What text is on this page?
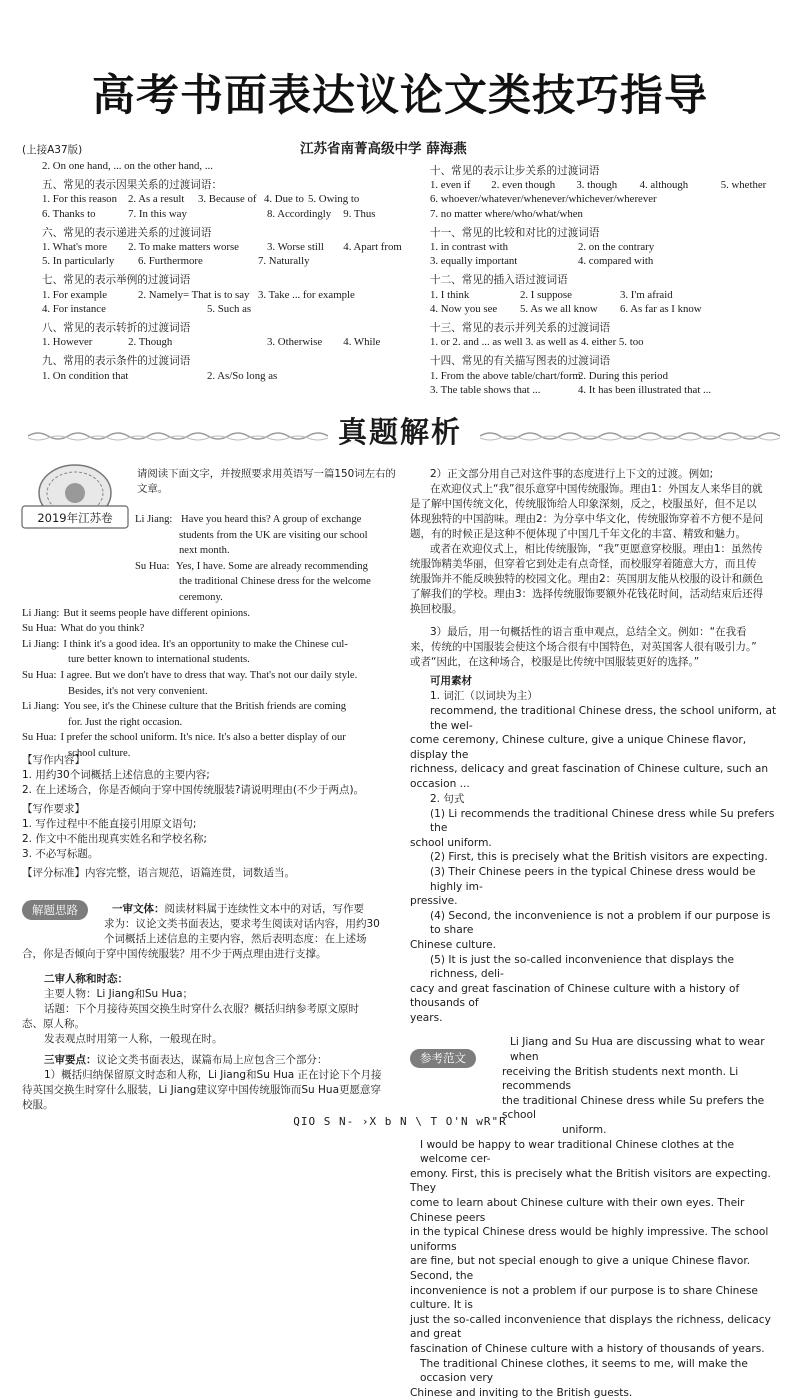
高考书面表达议论文类技巧指导
(上接A37版)	江苏省南菁高级中学 薛海燕
2. On one hand, ... on the other hand, ...
五、常见的表示因果关系的过渡词语：
1. For this reason	2. As a result	3. Because of 4. Due to 5. Owing to
6. Thanks to	7. In this way	8. Accordingly	9. Thus
六、常见的表示递进关系的过渡词语
1. What's more	2. To make matters worse	3. Worse still	4. Apart from
5. In particularly	6. Furthermore	7. Naturally
七、常见的表示举例的过渡词语
1. For example	2. Namely= That is to say 3. Take ... for example
4. For instance	5. Such as
八、常见的表示转折的过渡词语
1. However	2. Though	3. Otherwise	4. While
九、常用的表示条件的过渡词语
1. On condition that	2. As/So long as
十、常见的表示让步关系的过渡词语
1. even if	2. even though	3. though	4. although	5. whether
6. whoever/whatever/whenever/whichever/wherever
7. no matter where/who/what/when
十一、常见的比较和对比的过渡词语
1. in contrast with	2. on the contrary
3. equally important	4. compared with
十二、常见的插入语过渡词语
1. I think	2. I suppose	3. I'm afraid
4. Now you see	5. As we all know	6. As far as I know
十三、常见的表示并列关系的过渡词语
1. or 2. and ... as well 3. as well as 4. either 5. too
十四、常见的有关描写图表的过渡词语
1. From the above table/chart/form
2. During this period
3. The table shows that ...	4. It has been illustrated that ...
真题解析
2019年江苏卷
请阅读下面文字，并按照要求用英语写一篇150词左右的文章。
Li Jiang: Have you heard this? A group of exchange
students from the UK are visiting our school
next month.
Su Hua: Yes, I have. Some are already recommending
the traditional Chinese dress for the welcome
ceremony.
Li Jiang: But it seems people have different opinions.
Su Hua: What do you think?
Li Jiang: I think it's a good idea. It's an opportunity to make the Chinese cul-
ture better known to international students.
Su Hua: I agree. But we don't have to dress that way. That's not our daily style.
Besides, it's not very convenient.
Li Jiang: You see, it's the Chinese culture that the British friends are coming
for. Just the right occasion.
Su Hua: I prefer the school uniform. It's nice. It's also a better display of our
school culture.
【写作内容】
1. 用约30个词概括上述信息的主要内容;
2. 在上述场合，你是否倾向于穿中国传统服装?请说明理由(不少于两点)。
【写作要求】
1. 写作过程中不能直接引用原文语句;
2. 作文中不能出现真实姓名和学校名称;
3. 不必写标题。
【评分标准】内容完整，语言规范，语篇连贯，词数适当。
解题思路	一审文体：阅读材料属于连续性文本中的对话，写作要
求为：议论文类书面表达，要求考生阅读对话内容，用约30
个词概括上述信息的主要内容，然后表明态度：在上述场
合，你是否倾向于穿中国传统服装？用不少于两点理由进行支撑。
二审人称和时态：
主要人物：Li Jiang和Su Hua；
话题：下个月接待英国交换生时穿什么衣服？概括归纳参考原文原时
态、原人称。
发表观点时用第一人称，一般现在时。
三审要点：议论文类书面表达，谋篇布局上应包含三个部分：
1）概括归纳保留原文时态和人称，Li Jiang和Su Hua 正在讨论下个月接
待英国交换生时穿什么服装，Li Jiang建议穿中国传统服饰而Su Hua更愿意穿
校服。
2）正文部分用自己对这件事的态度进行上下文的过渡。例如;
在欢迎仪式上“我”很乐意穿中国传统服饰。理由1：外国友人来华目的就
是了解中国传统文化，传统服饰给人印象深刻，反之，校服虽好，但不足以
体现独特的中国韵味。理由2：为分享中华文化，传统服饰穿着不方便不是问
题，有的时候正是这种不便体现了中国几千年文化的丰富、精致和魅力。
或者在欢迎仪式上，相比传统服饰，“我”更愿意穿校服。理由1：虽然传
统服饰精美华丽，但穿着它到处走有点奇怪，而校服穿着随意大方，而且传
统服饰并不能反映独特的校园文化。理由2：英国朋友能从校服的设计和颜色
了解我们的学校。理由3：选择传统服饰要额外花钱花时间，活动结束后还得
换回校服。
3）最后，用一句概括性的语言重申观点，总结全文。例如：“在我看
来，传统的中国服装会使这个场合很有中国特色，对英国客人很有吸引力。”
或者“因此，在这种场合，校服是比传统中国服装更好的选择。”
可用素材
1. 词汇（以词块为主）
recommend, the traditional Chinese dress, the school uniform, at the wel-
come ceremony, Chinese culture, give a unique Chinese flavor, display the
richness, delicacy and great fascination of Chinese culture, such an occasion ...
2. 句式
(1) Li recommends the traditional Chinese dress while Su prefers the
school uniform.
(2) First, this is precisely what the British visitors are expecting.
(3) Their Chinese peers in the typical Chinese dress would be highly im-
pressive.
(4) Second, the inconvenience is not a problem if our purpose is to share
Chinese culture.
(5) It is just the so-called inconvenience that displays the richness, deli-
cacy and great fascination of Chinese culture with a history of thousands of
years.
参考范文
Li Jiang and Su Hua are discussing what to wear when
receiving the British students next month. Li recommends
the traditional Chinese dress while Su prefers the school
uniform.
I would be happy to wear traditional Chinese clothes at the welcome cer-
emony. First, this is precisely what the British visitors are expecting. They
come to learn about Chinese culture with their own eyes. Their Chinese peers
in the typical Chinese dress would be highly impressive. The school uniforms
are fine, but not special enough to give a unique Chinese flavor. Second, the
inconvenience is not a problem if our purpose is to share Chinese culture. It is
just the so-called inconvenience that displays the richness, delicacy and great
fascination of Chinese culture with a history of thousands of years.
The traditional Chinese clothes, it seems to me, will make the occasion very
Chinese and inviting to the British guests.
QIO S N- ›X b N \ T O'N wR"R
